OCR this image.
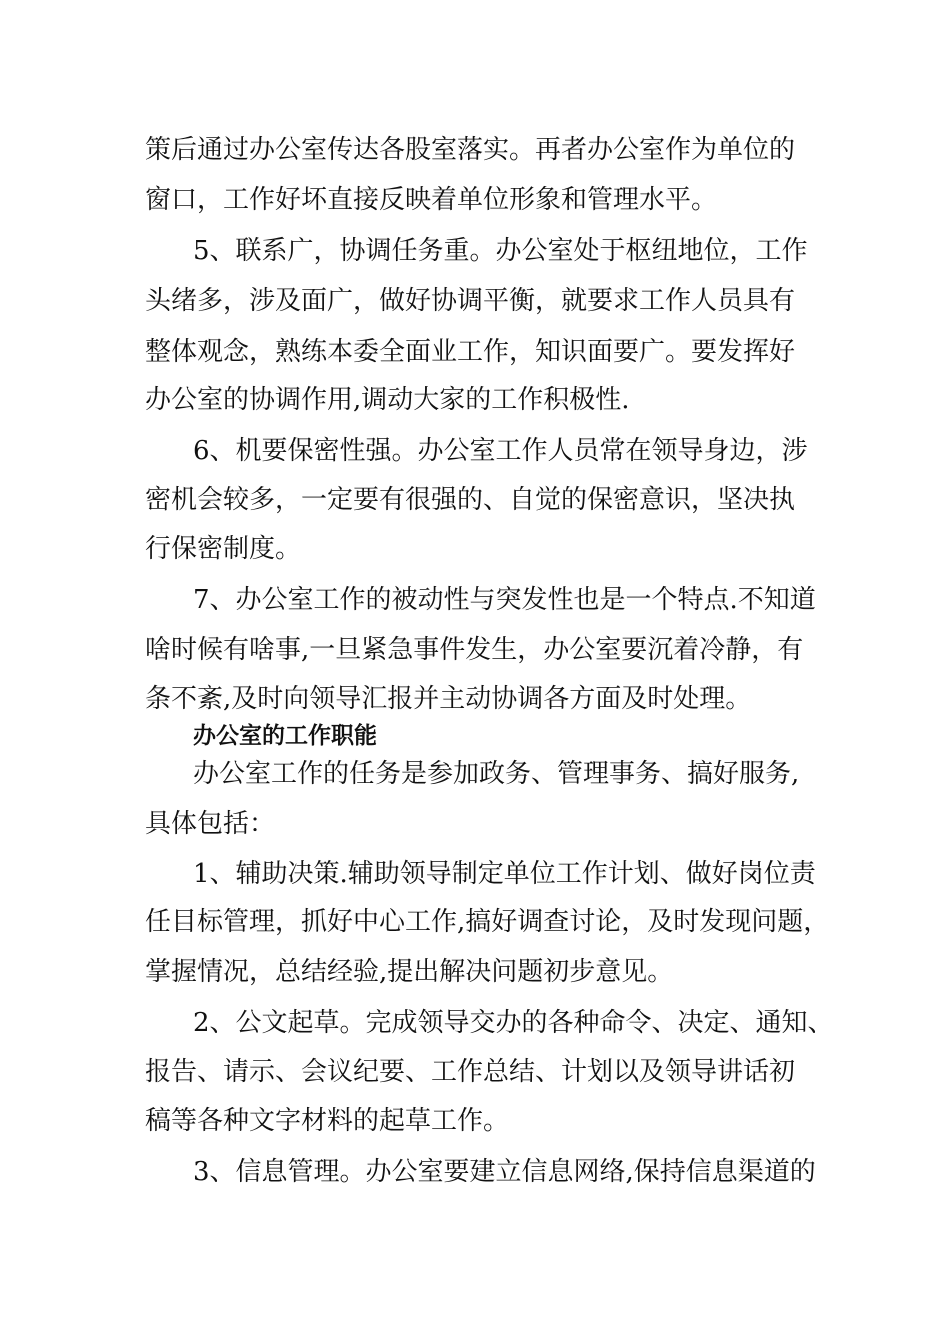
策后通过办公室传达各股室落实。再者办公室作为单位的

窗口，工作好坏直接反映着单位形象和管理水平。

5、联系广，协调任务重。办公室处于枢纽地位，工作

头绪多，涉及面广，做好协调平衡，就要求工作人员具有

整体观念，熟练本委全面业工作，知识面要广。要发挥好

办公室的协调作用,调动大家的工作积极性.

6、机要保密性强。办公室工作人员常在领导身边，涉

密机会较多，一定要有很强的、自觉的保密意识，坚决执

行保密制度。

7、办公室工作的被动性与突发性也是一个特点.不知道

啥时候有啥事,一旦紧急事件发生，办公室要沉着冷静，有

条不紊,及时向领导汇报并主动协调各方面及时处理。

办公室的工作职能

办公室工作的任务是参加政务、管理事务、搞好服务,

具体包括：

1、辅助决策.辅助领导制定单位工作计划、做好岗位责

任目标管理，抓好中心工作,搞好调查讨论，及时发现问题，

掌握情况，总结经验,提出解决问题初步意见。

2、公文起草。完成领导交办的各种命令、决定、通知、

报告、请示、会议纪要、工作总结、计划以及领导讲话初

稿等各种文字材料的起草工作。

3、信息管理。办公室要建立信息网络,保持信息渠道的
